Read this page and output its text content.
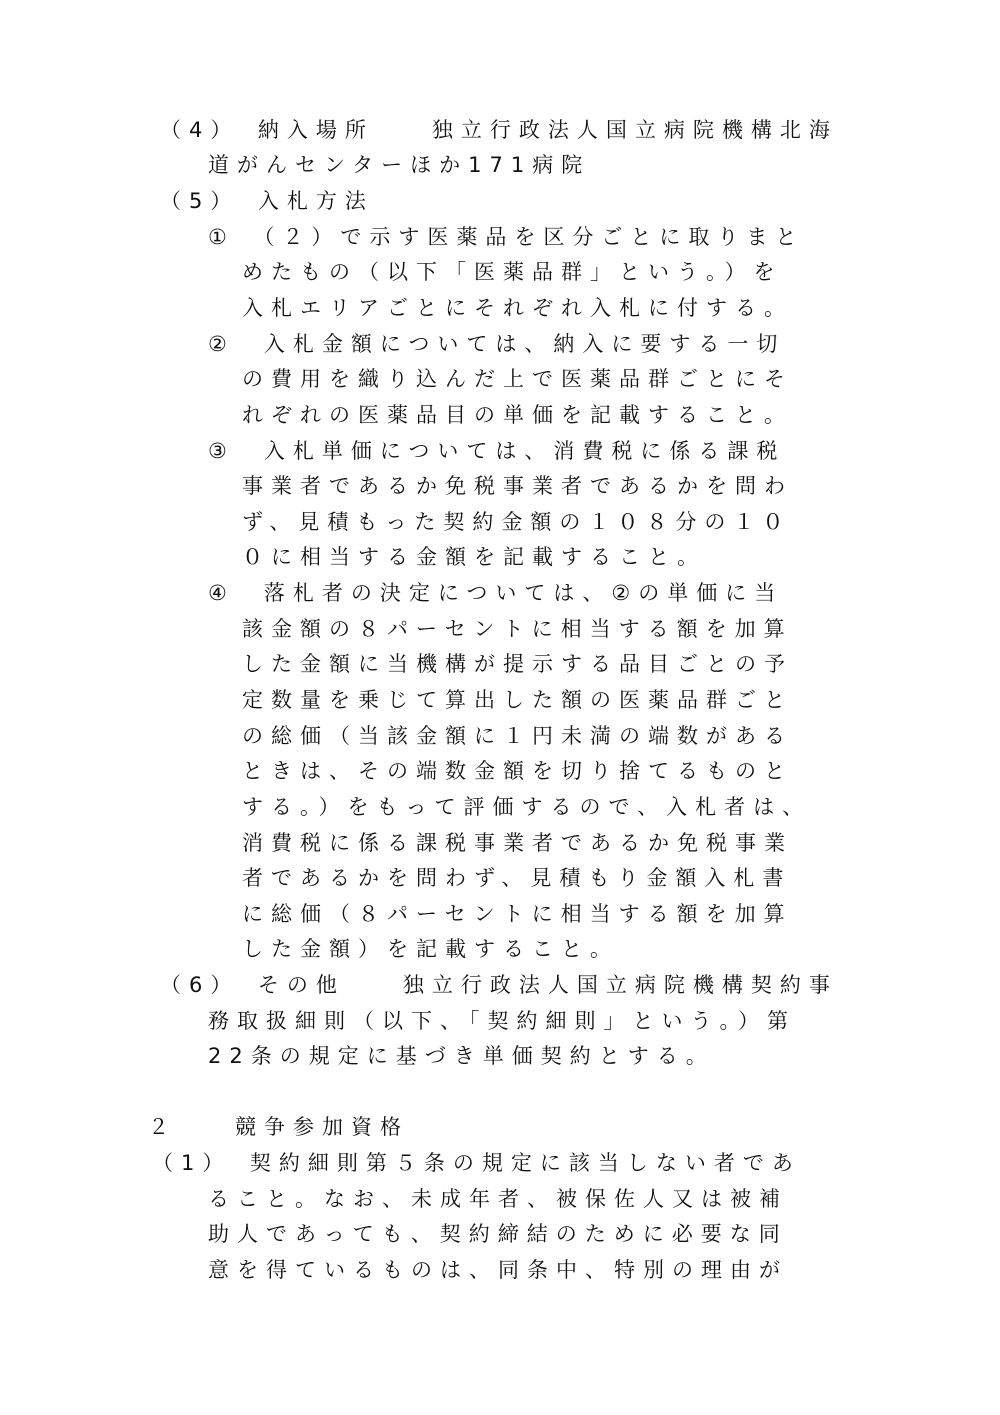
（4）　納入場所　　独立行政法人国立病院機構北海
道がんセンターほか171病院
（5）　入札方法
①　（２）で示す医薬品を区分ごとに取りまと
めたもの（以下「医薬品群」という。）を
入札エリアごとにそれぞれ入札に付する。
②　入札金額については、納入に要する一切
の費用を織り込んだ上で医薬品群ごとにそ
れぞれの医薬品目の単価を記載すること。
③　入札単価については、消費税に係る課税
事業者であるか免税事業者であるかを問わ
ず、見積もった契約金額の１０８分の１０
０に相当する金額を記載すること。
④　落札者の決定については、②の単価に当
該金額の８パーセントに相当する額を加算
した金額に当機構が提示する品目ごとの予
定数量を乗じて算出した額の医薬品群ごと
の総価（当該金額に１円未満の端数がある
ときは、その端数金額を切り捨てるものと
する。）をもって評価するので、入札者は、
消費税に係る課税事業者であるか免税事業
者であるかを問わず、見積もり金額入札書
に総価（８パーセントに相当する額を加算
した金額）を記載すること。
（6）　その他　　独立行政法人国立病院機構契約事
務取扱細則（以下、「契約細則」という。）第
22条の規定に基づき単価契約とする。
２　　競争参加資格
（1）　契約細則第５条の規定に該当しない者であ
ること。なお、未成年者、被保佐人又は被補
助人であっても、契約締結のために必要な同
意を得ているものは、同条中、特別の理由が
